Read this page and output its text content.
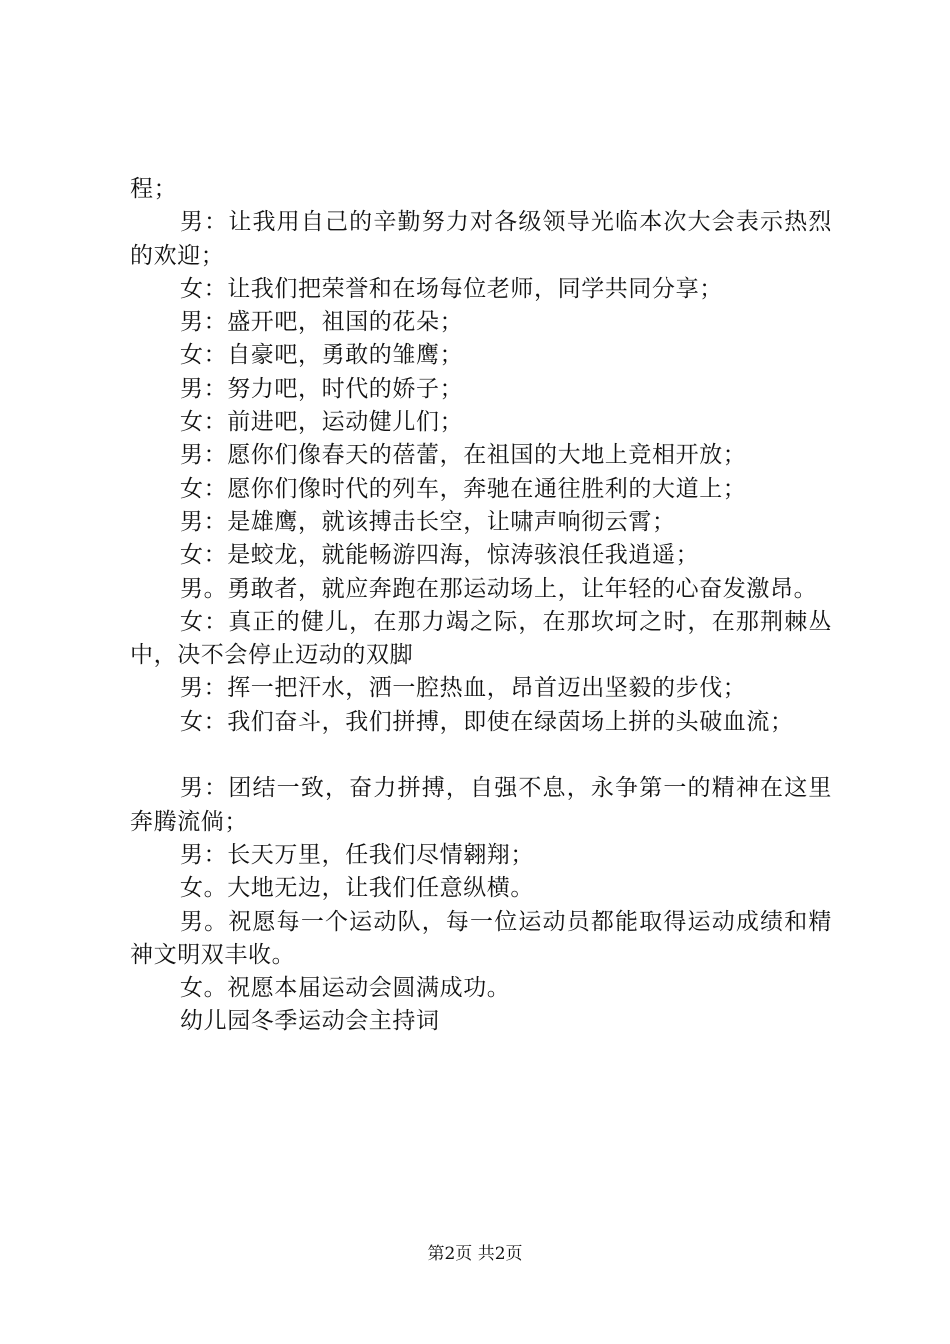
程；

男：让我用自己的辛勤努力对各级领导光临本次大会表示热烈的欢迎；

女：让我们把荣誉和在场每位老师，同学共同分享；

男：盛开吧，祖国的花朵；

女：自豪吧，勇敢的雏鹰；

男：努力吧，时代的娇子；

女：前进吧，运动健儿们；

男：愿你们像春天的蓓蕾，在祖国的大地上竞相开放；

女：愿你们像时代的列车，奔驰在通往胜利的大道上；

男：是雄鹰，就该搏击长空，让啸声响彻云霄；

女：是蛟龙，就能畅游四海，惊涛骇浪任我逍遥；

男。勇敢者，就应奔跑在那运动场上，让年轻的心奋发激昂。

女：真正的健儿，在那力竭之际，在那坎坷之时，在那荆棘丛中，决不会停止迈动的双脚

男：挥一把汗水，洒一腔热血，昂首迈出坚毅的步伐；

女：我们奋斗，我们拼搏，即使在绿茵场上拼的头破血流；

男：团结一致，奋力拼搏，自强不息，永争第一的精神在这里奔腾流倘；

男：长天万里，任我们尽情翱翔；

女。大地无边，让我们任意纵横。

男。祝愿每一个运动队，每一位运动员都能取得运动成绩和精神文明双丰收。

女。祝愿本届运动会圆满成功。

幼儿园冬季运动会主持词

第2页 共2页
